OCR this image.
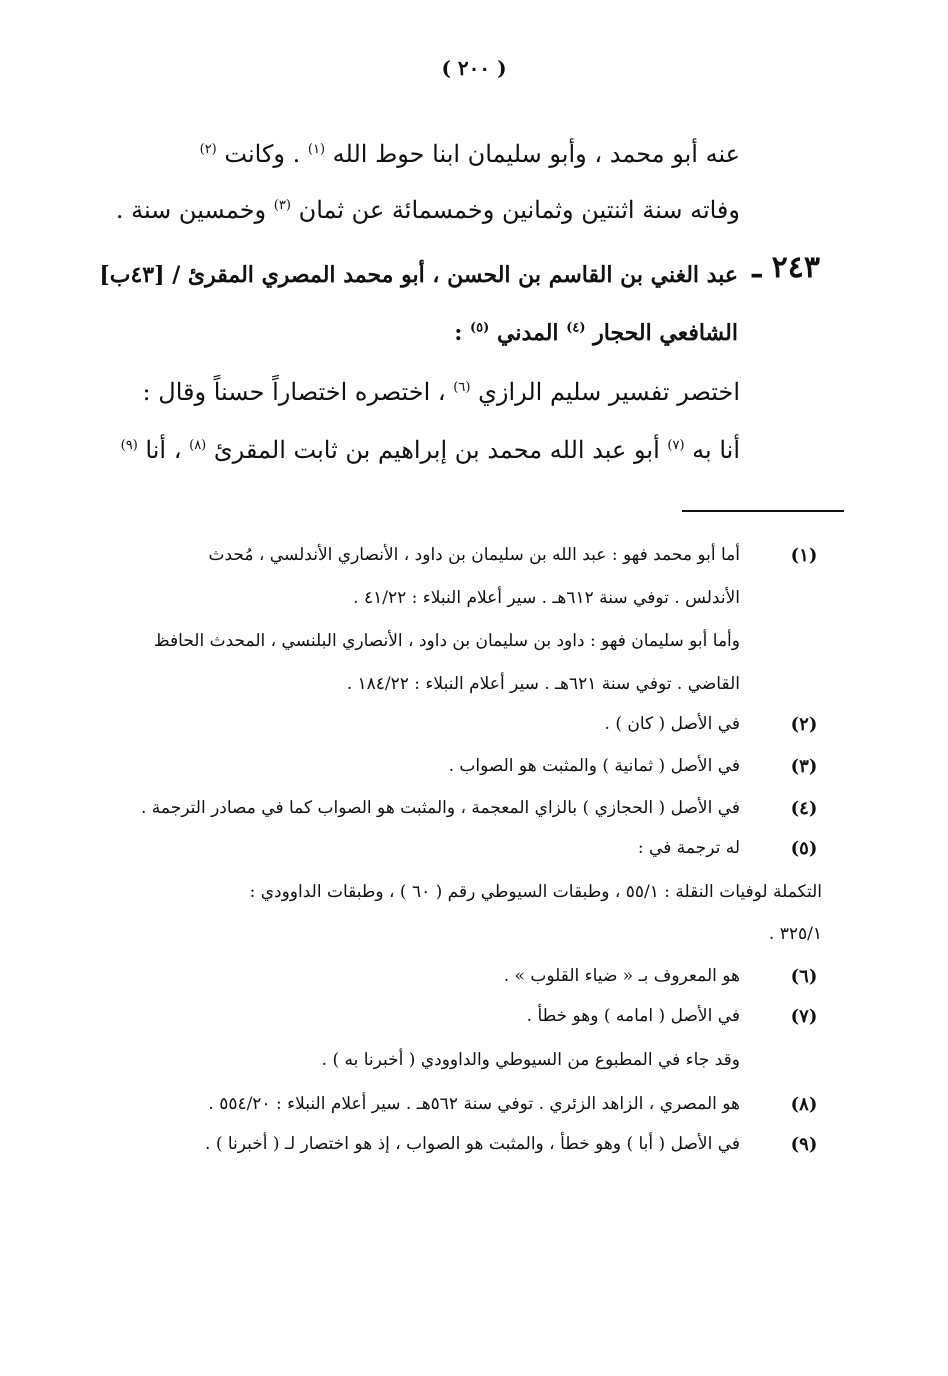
( ٢٠٠ )
عنه أبو محمد ، وأبو سليمان ابنا حوط الله $^{(١)}$ . وكانت $^{(٢)}$
وفاته سنة اثنتين وثمانين وخمسمائة عن ثمان $^{(٣)}$ وخمسين سنة .
٢٤٣ ـ
عبد الغني بن القاسم بن الحسن ، أبو محمد المصري المقرئ / [٤٣ب]
الشافعي الحجار $^{(٤)}$ المدني $^{(٥)}$ :
اختصر تفسير سليم الرازي $^{(٦)}$ ، اختصره اختصاراً حسناً وقال :
أنا به $^{(٧)}$ أبو عبد الله محمد بن إبراهيم بن ثابت المقرئ $^{(٨)}$ ، أنا $^{(٩)}$
(١)
أما أبو محمد فهو : عبد الله بن سليمان بن داود ، الأنصاري الأندلسي ، مُحدث
الأندلس . توفي سنة ٦١٢هـ . سير أعلام النبلاء : ٤١/٢٢ .
وأما أبو سليمان فهو : داود بن سليمان بن داود ، الأنصاري البلنسي ، المحدث الحافظ
القاضي . توفي سنة ٦٢١هـ . سير أعلام النبلاء : ١٨٤/٢٢ .
(٢)
في الأصل ( كان ) .
(٣)
في الأصل ( ثمانية ) والمثبت هو الصواب .
(٤)
في الأصل ( الحجازي ) بالزاي المعجمة ، والمثبت هو الصواب كما في مصادر الترجمة .
(٥)
له ترجمة في :
التكملة لوفيات النقلة : ٥٥/١ ، وطبقات السيوطي رقم ( ٦٠ ) ، وطبقات الداوودي :
٣٢٥/١ .
(٦)
هو المعروف بـ « ضياء القلوب » .
(٧)
في الأصل ( امامه ) وهو خطأ .
وقد جاء في المطبوع من السيوطي والداوودي ( أخبرنا به ) .
(٨)
هو المصري ، الزاهد الزئري . توفي سنة ٥٦٢هـ . سير أعلام النبلاء : ٥٥٤/٢٠ .
(٩)
في الأصل ( أبا ) وهو خطأ ، والمثبت هو الصواب ، إذ هو اختصار لـ ( أخبرنا ) .
